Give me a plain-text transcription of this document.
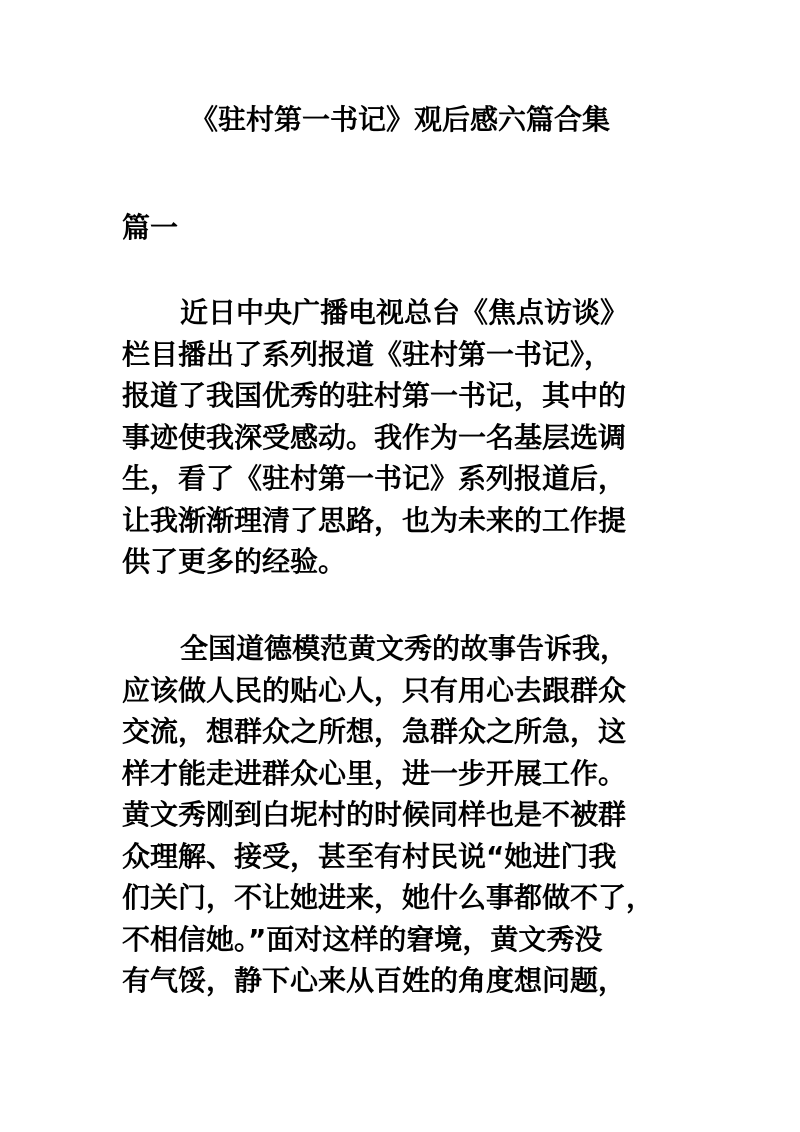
《驻村第一书记》观后感六篇合集
篇一
近日中央广播电视总台《焦点访谈》
栏目播出了系列报道《驻村第一书记》，
报道了我国优秀的驻村第一书记，其中的
事迹使我深受感动。我作为一名基层选调
生，看了《驻村第一书记》系列报道后，
让我渐渐理清了思路，也为未来的工作提
供了更多的经验。
全国道德模范黄文秀的故事告诉我，
应该做人民的贴心人，只有用心去跟群众
交流，想群众之所想，急群众之所急，这
样才能走进群众心里，进一步开展工作。
黄文秀刚到白坭村的时候同样也是不被群
众理解、接受，甚至有村民说“她进门我
们关门，不让她进来，她什么事都做不了，
不相信她。”面对这样的窘境，黄文秀没
有气馁，静下心来从百姓的角度想问题，
